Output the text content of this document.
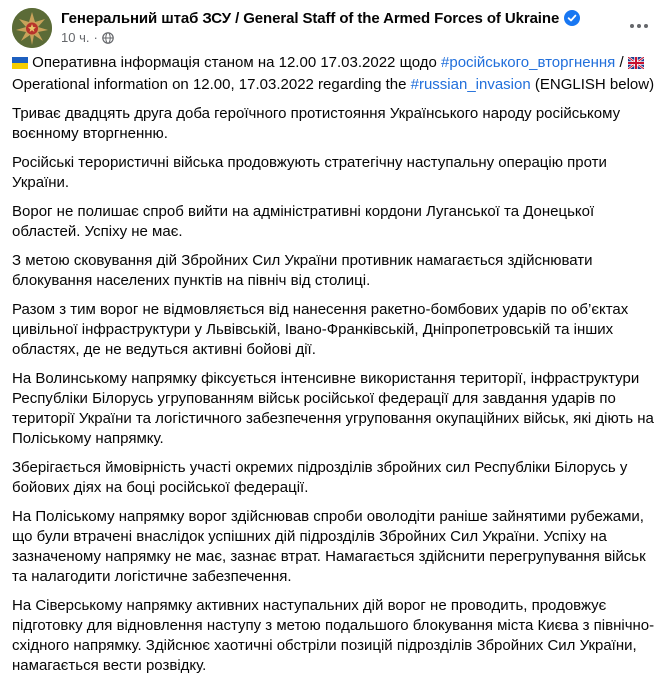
Генеральний штаб ЗСУ / General Staff of the Armed Forces of Ukraine
10 ч. ·

Оперативна інформація станом на 12.00 17.03.2022 щодо #російського_вторгнення /
Operational information on 12.00, 17.03.2022 regarding the #russian_invasion (ENGLISH below)

Триває двадцять друга доба героїчного протистояння Українського народу російському воєнному вторгненню.

Російські терористичні війська продовжують стратегічну наступальну операцію проти України.

Ворог не полишає спроб вийти на адміністративні кордони Луганської та Донецької областей. Успіху не має.

З метою сковування дій Збройних Сил України противник намагається здійснювати блокування населених пунктів на північ від столиці.

Разом з тим ворог не відмовляється від нанесення ракетно-бомбових ударів по об’єктах цивільної інфраструктури у Львівській, Івано-Франківській, Дніпропетровській та інших областях, де не ведуться активні бойові дії.

На Волинському напрямку фіксується інтенсивне використання території, інфраструктури Республіки Білорусь угрупованням військ російської федерації для завдання ударів по території України та логістичного забезпечення угруповання окупаційних військ, які діють на Поліському напрямку.

Зберігається ймовірність участі окремих підрозділів збройних сил Республіки Білорусь у бойових діях на боці російської федерації.

На Поліському напрямку ворог здійснював спроби оволодіти раніше зайнятими рубежами, що були втрачені внаслідок успішних дій підрозділів Збройних Сил України. Успіху на зазначеному напрямку не має, зазнає втрат. Намагається здійснити перегрупування військ та налагодити логістичне забезпечення.

На Сіверському напрямку активних наступальних дій ворог не проводить, продовжує підготовку для відновлення наступу з метою подальшого блокування міста Києва з північно-східного напрямку. Здійснює хаотичні обстріли позицій підрозділів Збройних Сил України, намагається вести розвідку.
